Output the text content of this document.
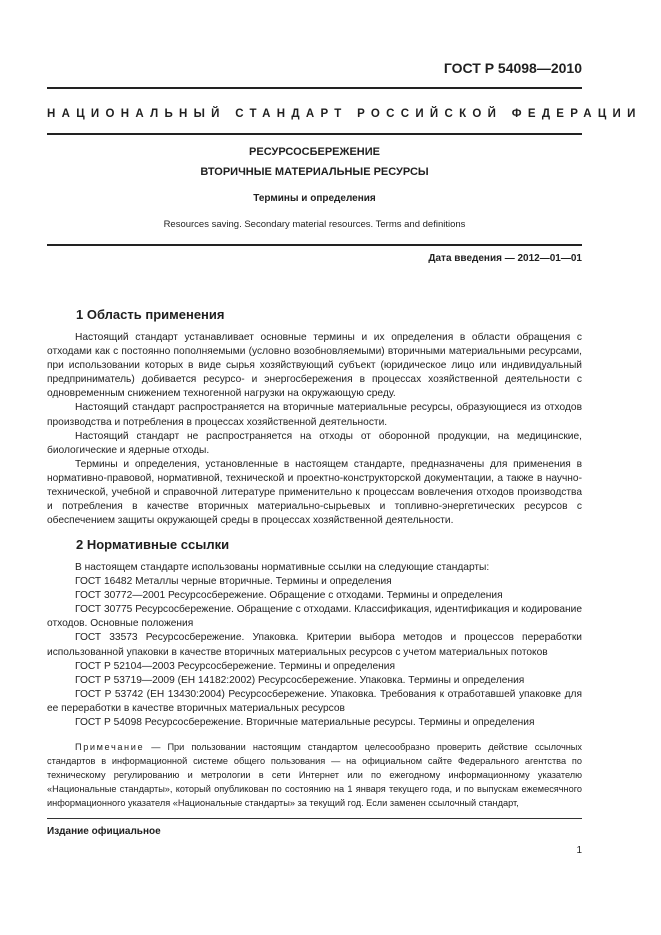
ГОСТ Р 54098—2010
НАЦИОНАЛЬНЫЙ СТАНДАРТ РОССИЙСКОЙ ФЕДЕРАЦИИ
РЕСУРСОСБЕРЕЖЕНИЕ
ВТОРИЧНЫЕ МАТЕРИАЛЬНЫЕ РЕСУРСЫ
Термины и определения
Resources saving. Secondary material resources. Terms and definitions
Дата введения — 2012—01—01
1 Область применения

Настоящий стандарт устанавливает основные термины и их определения в области обращения с отходами как с постоянно пополняемыми (условно возобновляемыми) вторичными материальными ресурсами, при использовании которых в виде сырья хозяйствующий субъект (юридическое лицо или индивидуальный предприниматель) добивается ресурсо- и энергосбережения в процессах хозяйственной деятельности с одновременным снижением техногенной нагрузки на окружающую среду.

Настоящий стандарт распространяется на вторичные материальные ресурсы, образующиеся из отходов производства и потребления в процессах хозяйственной деятельности.

Настоящий стандарт не распространяется на отходы от оборонной продукции, на медицинские, биологические и ядерные отходы.

Термины и определения, установленные в настоящем стандарте, предназначены для применения в нормативно-правовой, нормативной, технической и проектно-конструкторской документации, а также в научно-технической, учебной и справочной литературе применительно к процессам вовлечения отходов производства и потребления в качестве вторичных материально-сырьевых и топливно-энергетических ресурсов с обеспечением защиты окружающей среды в процессах хозяйственной деятельности.

2 Нормативные ссылки

В настоящем стандарте использованы нормативные ссылки на следующие стандарты:

ГОСТ 16482 Металлы черные вторичные. Термины и определения

ГОСТ 30772—2001 Ресурсосбережение. Обращение с отходами. Термины и определения

ГОСТ 30775 Ресурсосбережение. Обращение с отходами. Классификация, идентификация и кодирование отходов. Основные положения

ГОСТ 33573 Ресурсосбережение. Упаковка. Критерии выбора методов и процессов переработки использованной упаковки в качестве вторичных материальных ресурсов с учетом материальных потоков

ГОСТ Р 52104—2003 Ресурсосбережение. Термины и определения

ГОСТ Р 53719—2009 (ЕН 14182:2002) Ресурсосбережение. Упаковка. Термины и определения

ГОСТ Р 53742 (ЕН 13430:2004) Ресурсосбережение. Упаковка. Требования к отработавшей упаковке для ее переработки в качестве вторичных материальных ресурсов

ГОСТ Р 54098 Ресурсосбережение. Вторичные материальные ресурсы. Термины и определения

Примечание — При пользовании настоящим стандартом целесообразно проверить действие ссылочных стандартов в информационной системе общего пользования — на официальном сайте Федерального агентства по техническому регулированию и метрологии в сети Интернет или по ежегодному информационному указателю «Национальные стандарты», который опубликован по состоянию на 1 января текущего года, и по выпускам ежемесячного информационного указателя «Национальные стандарты» за текущий год. Если заменен ссылочный стандарт,

Издание официальное
1
